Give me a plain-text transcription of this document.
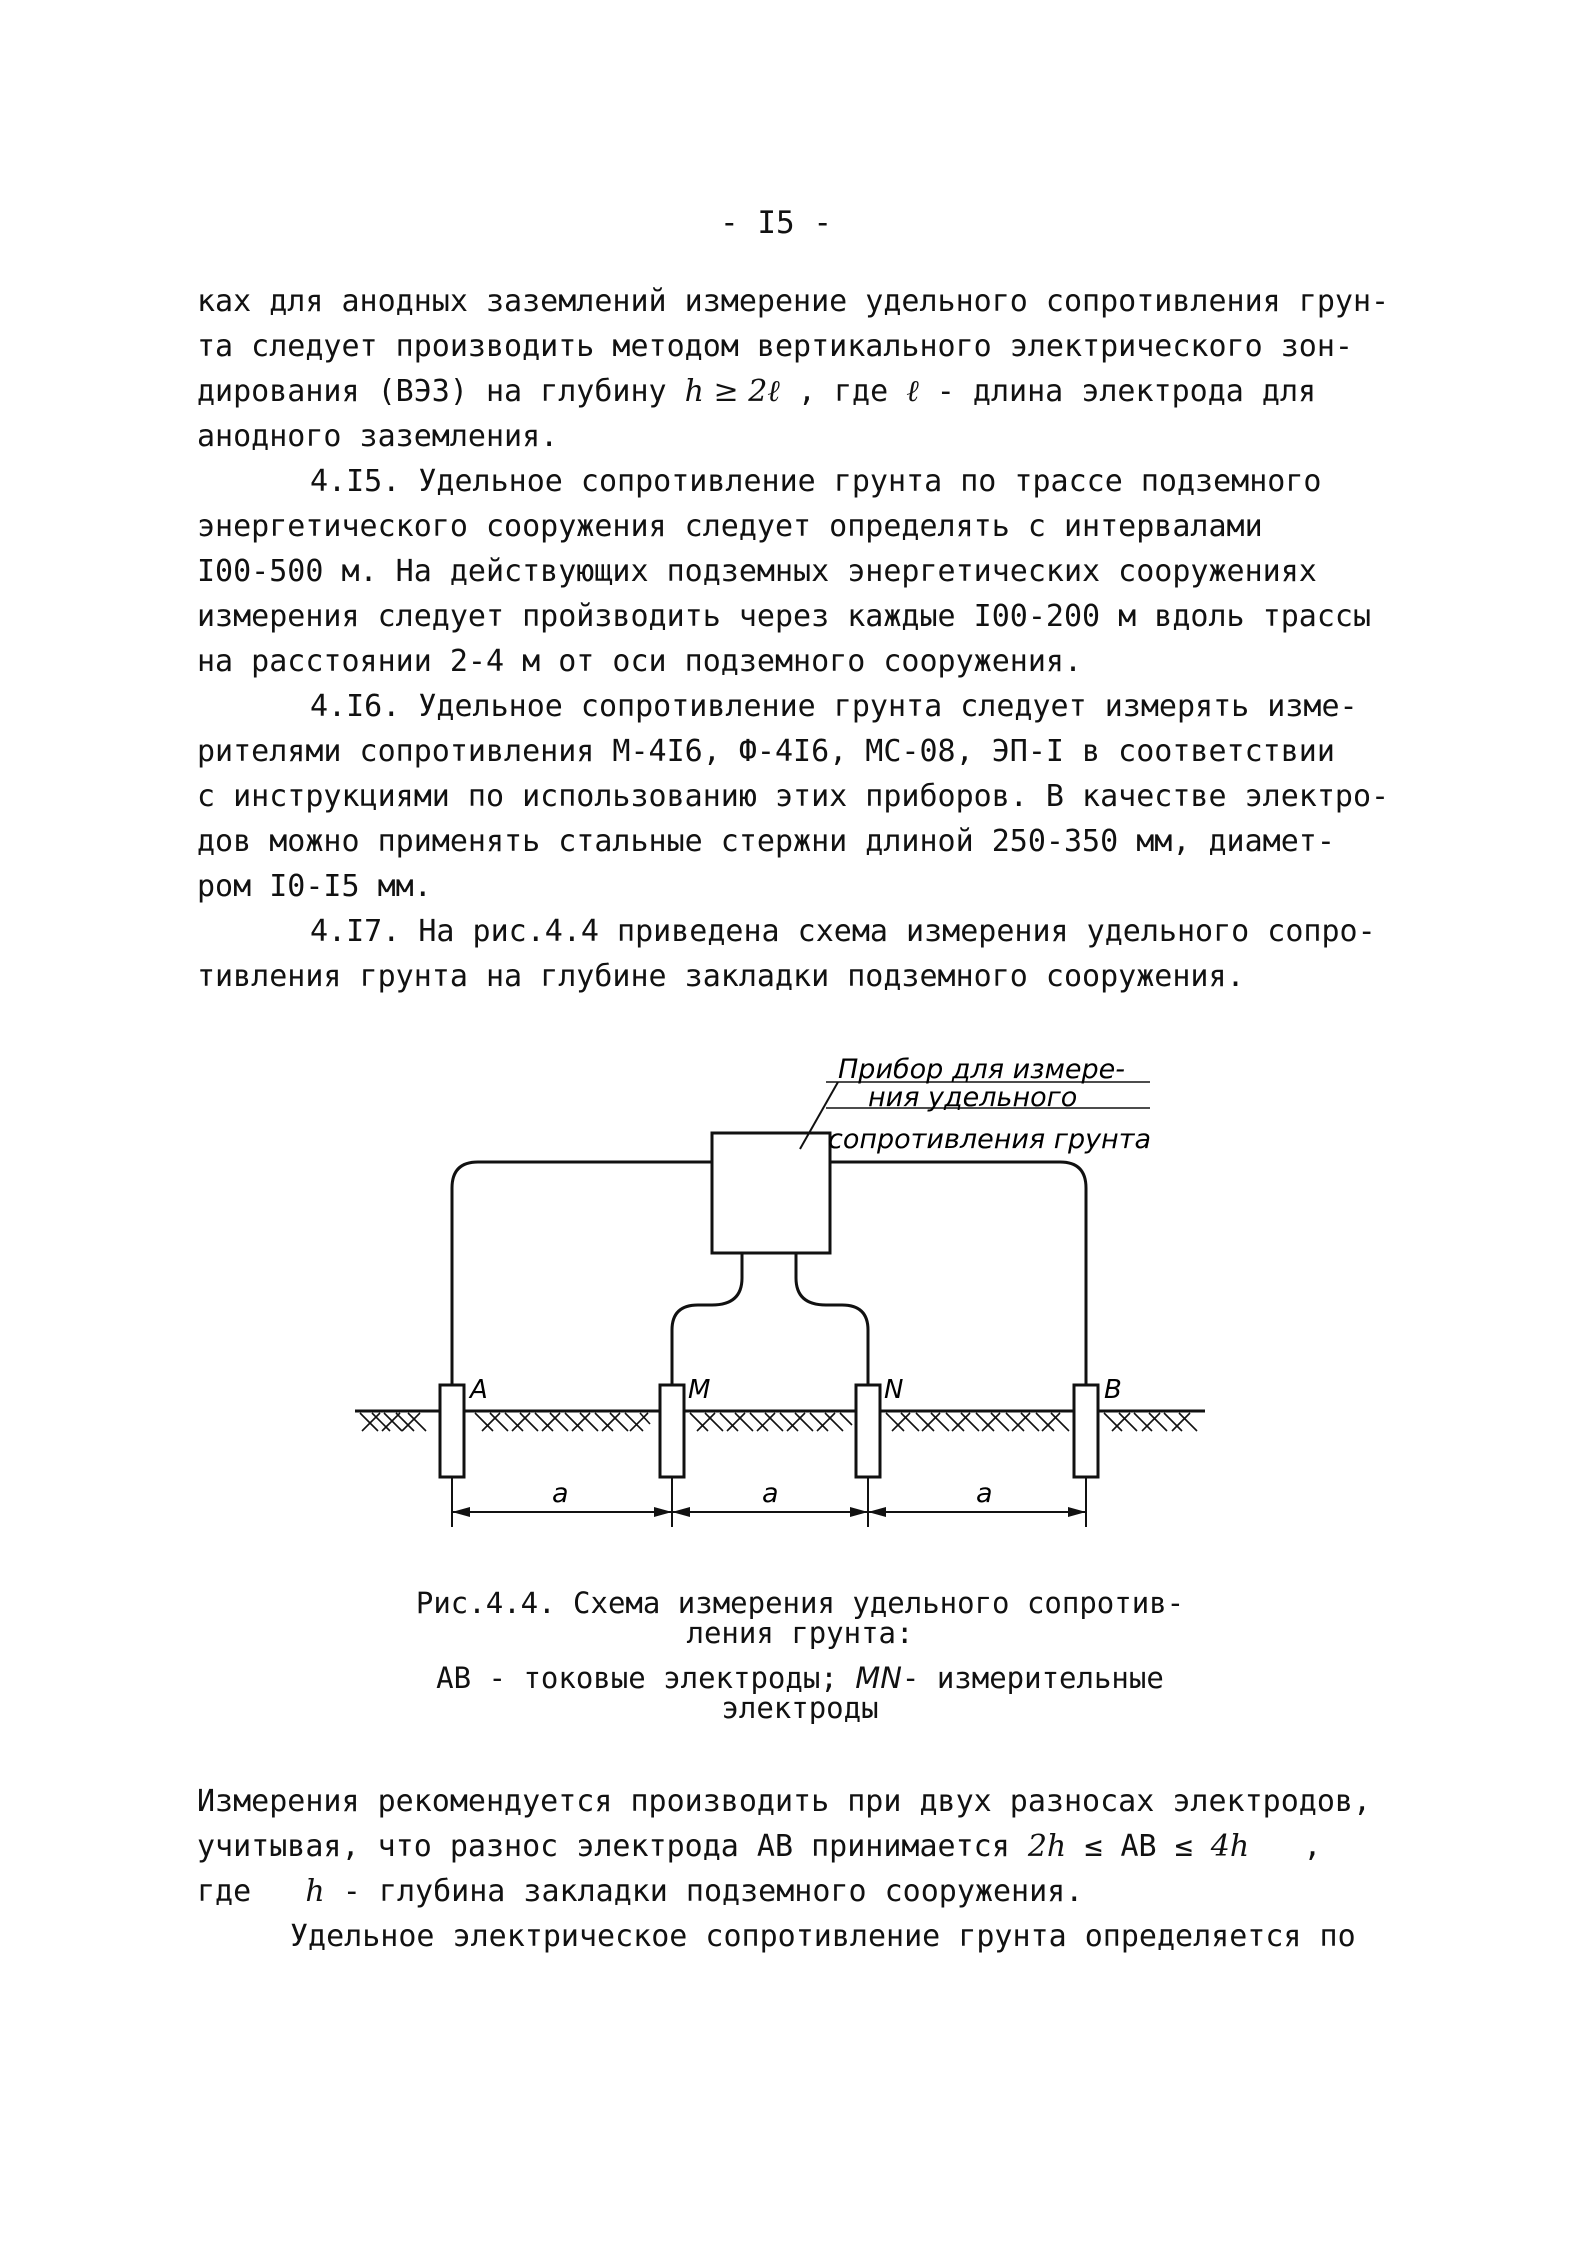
- I5 -
ках для анодных заземлений измерение удельного сопротивления грун-
та следует производить методом вертикального электрического зон-
дирования (ВЭЗ) на глубину h ≥ 2ℓ , где ℓ - длина электрода для
анодного заземления.
4.I5. Удельное сопротивление грунта по трассе подземного
энергетического сооружения следует определять с интервалами
I00-500 м. На действующих подземных энергетических сооружениях
измерения следует пройзводить через каждые I00-200 м вдоль трассы
на расстоянии 2-4 м от оси подземного сооружения.
4.I6. Удельное сопротивление грунта следует измерять изме-
рителями сопротивления М-4I6, Ф-4I6, МС-08, ЭП-I в соответствии
с инструкциями по использованию этих приборов. В качестве электро-
дов можно применять стальные стержни длиной 250-350 мм, диамет-
ром I0-I5 мм.
4.I7. На рис.4.4 приведена схема измерения удельного сопро-
тивления грунта на глубине закладки подземного сооружения.
Прибор для измере-
ния удельного
сопротивления грунта
A	M	N	B
a	a	a
Рис.4.4. Схема измерения удельного сопротив-
ления грунта:
АВ - токовые электроды; MN- измерительные
электроды
Измерения рекомендуется производить при двух разносах электродов,
учитывая, что разнос электрода АВ принимается 2h ≤ АВ ≤ 4h   ,
где   h - глубина закладки подземного сооружения.
Удельное электрическое сопротивление грунта определяется по
